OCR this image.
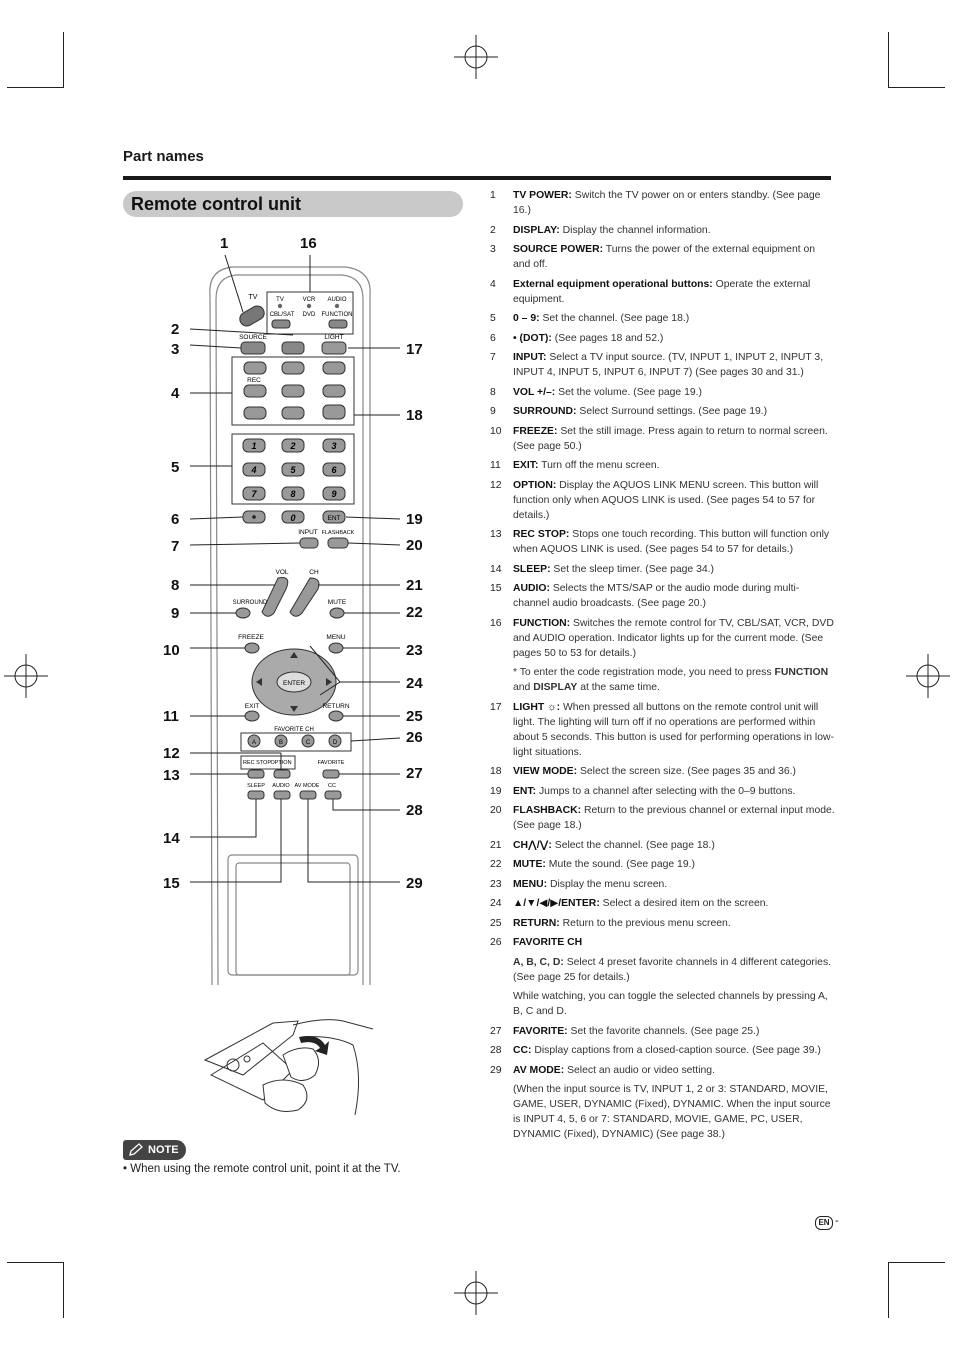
Part names
Remote control unit
TV	VCR AUDIO
CBL/SAT DVD FUNCTION
TV
SOURCE	LIGHT
REC
1	2	3
4	5	6
7	8	9
0	ENT
INPUT FLASHBACK
VOL	CH
SURROUND	MUTE
FREEZE	MENU
ENTER
EXIT	RETURN
FAVORITE CH
A	B	C	D
REC STOP OPTION	FAVORITE
SLEEP AUDIO AV MODE CC
1
2
3
4
5
6
7
8
9
10
11
12
13
14
15
16
17
18
19
20
21
22
23
24
25
26
27
28
29
NOTE
• When using the remote control unit, point it at the TV.
1	TV POWER: Switch the TV power on or enters standby. (See page 16.)
2	DISPLAY: Display the channel information.
3	SOURCE POWER: Turns the power of the external equipment on and off.
4	External equipment operational buttons: Operate the external equipment.
5	0 – 9: Set the channel. (See page 18.)
6	• (DOT): (See pages 18 and 52.)
7	INPUT: Select a TV input source. (TV, INPUT 1, INPUT 2, INPUT 3, INPUT 4, INPUT 5, INPUT 6, INPUT 7) (See pages 30 and 31.)
8	VOL +/–: Set the volume. (See page 19.)
9	SURROUND: Select Surround settings. (See page 19.)
10	FREEZE: Set the still image. Press again to return to normal screen. (See page 50.)
11	EXIT: Turn off the menu screen.
12	OPTION: Display the AQUOS LINK MENU screen. This button will function only when AQUOS LINK is used. (See pages 54 to 57 for details.)
13	REC STOP: Stops one touch recording. This button will function only when AQUOS LINK is used. (See pages 54 to 57 for details.)
14	SLEEP: Set the sleep timer. (See page 34.)
15	AUDIO: Selects the MTS/SAP or the audio mode during multi-channel audio broadcasts. (See page 20.)
16	FUNCTION: Switches the remote control for TV, CBL/SAT, VCR, DVD and AUDIO operation. Indicator lights up for the current mode. (See pages 50 to 53 for details.)
* To enter the code registration mode, you need to press FUNCTION and DISPLAY at the same time.
17	LIGHT ☼: When pressed all buttons on the remote control unit will light. The lighting will turn off if no operations are performed within about 5 seconds. This button is used for performing operations in low-light situations.
18	VIEW MODE: Select the screen size. (See pages 35 and 36.)
19	ENT: Jumps to a channel after selecting with the 0–9 buttons.
20	FLASHBACK: Return to the previous channel or external input mode. (See page 18.)
21	CH⋀/⋁: Select the channel. (See page 18.)
22	MUTE: Mute the sound. (See page 19.)
23	MENU: Display the menu screen.
24	▲/▼/◀/▶/ENTER: Select a desired item on the screen.
25	RETURN: Return to the previous menu screen.
26	FAVORITE CH
A, B, C, D: Select 4 preset favorite channels in 4 different categories. (See page 25 for details.)
While watching, you can toggle the selected channels by pressing A, B, C and D.
27	FAVORITE: Set the favorite channels. (See page 25.)
28	CC: Display captions from a closed-caption source. (See page 39.)
29	AV MODE: Select an audio or video setting.
(When the input source is TV, INPUT 1, 2 or 3: STANDARD, MOVIE, GAME, USER, DYNAMIC (Fixed), DYNAMIC. When the input source is INPUT 4, 5, 6 or 7: STANDARD, MOVIE, GAME, PC, USER, DYNAMIC (Fixed), DYNAMIC) (See page 38.)
EN -
